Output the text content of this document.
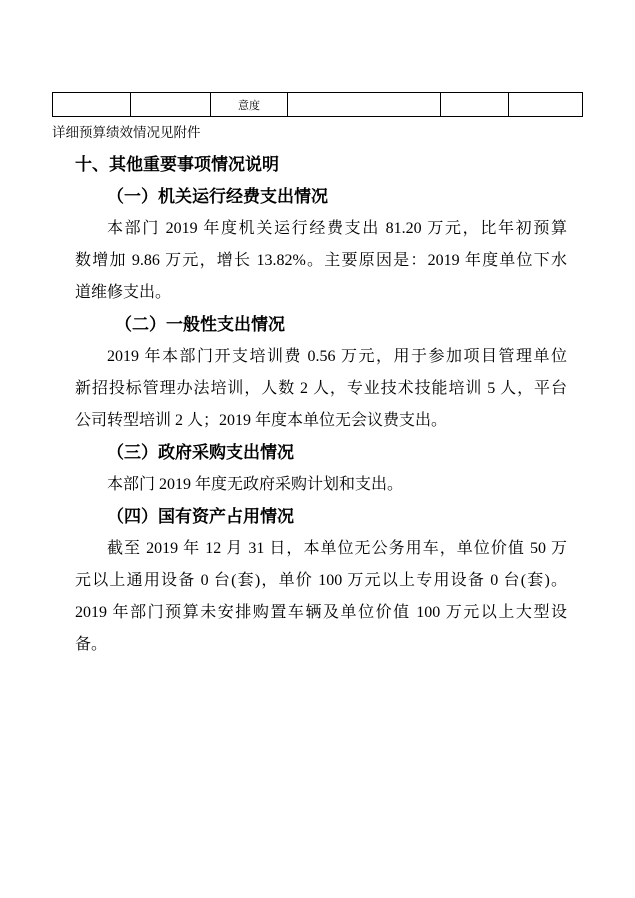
		意度			
详细预算绩效情况见附件
十、其他重要事项情况说明
（一）机关运行经费支出情况
本部门 2019 年度机关运行经费支出 81.20 万元，比年初预算
数增加 9.86 万元，增长 13.82%。主要原因是：2019 年度单位下水
道维修支出。
（二）一般性支出情况
2019 年本部门开支培训费 0.56 万元，用于参加项目管理单位
新招投标管理办法培训，人数 2 人，专业技术技能培训 5 人，平台
公司转型培训 2 人；2019 年度本单位无会议费支出。
（三）政府采购支出情况
本部门 2019 年度无政府采购计划和支出。
（四）国有资产占用情况
截至 2019 年 12 月 31 日，本单位无公务用车，单位价值 50 万
元以上通用设备 0 台(套)，单价 100 万元以上专用设备 0 台(套)。
2019 年部门预算未安排购置车辆及单位价值 100 万元以上大型设
备。
